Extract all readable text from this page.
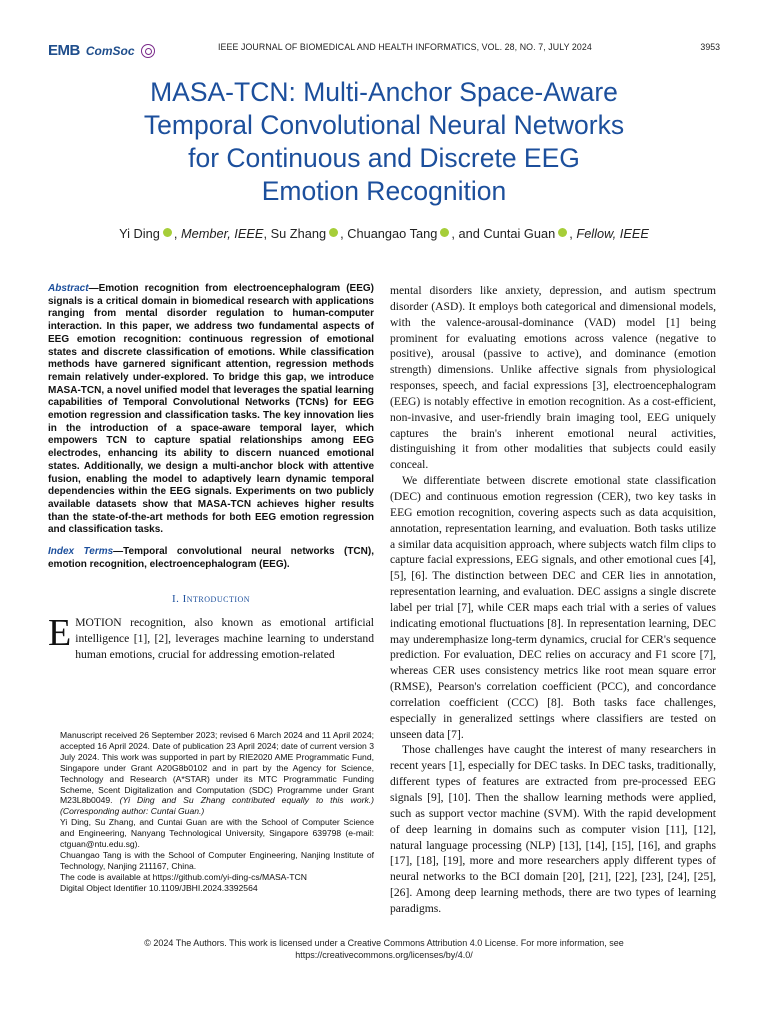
EMB ComSoc	IEEE JOURNAL OF BIOMEDICAL AND HEALTH INFORMATICS, VOL. 28, NO. 7, JULY 2024	3953
MASA-TCN: Multi-Anchor Space-Aware
Temporal Convolutional Neural Networks
for Continuous and Discrete EEG
Emotion Recognition
Yi Ding , Member, IEEE, Su Zhang , Chuangao Tang , and Cuntai Guan , Fellow, IEEE

Abstract—Emotion recognition from electroencephalogram (EEG) signals is a critical domain in biomedical research with applications ranging from mental disorder regulation to human-computer interaction. In this paper, we address two fundamental aspects of EEG emotion recognition: continuous regression of emotional states and discrete classification of emotions. While classification methods have garnered significant attention, regression methods remain relatively under-explored. To bridge this gap, we introduce MASA-TCN, a novel unified model that leverages the spatial learning capabilities of Temporal Convolutional Networks (TCNs) for EEG emotion regression and classification tasks. The key innovation lies in the introduction of a space-aware temporal layer, which empowers TCN to capture spatial relationships among EEG electrodes, enhancing its ability to discern nuanced emotional states. Additionally, we design a multi-anchor block with attentive fusion, enabling the model to adaptively learn dynamic temporal dependencies within the EEG signals. Experiments on two publicly available datasets show that MASA-TCN achieves higher results than the state-of-the-art methods for both EEG emotion regression and classification tasks.

Index Terms—Temporal convolutional neural networks (TCN), emotion recognition, electroencephalogram (EEG).

I. Introduction

EMOTION recognition, also known as emotional artificial intelligence [1], [2], leverages machine learning to understand human emotions, crucial for addressing emotion-related

Manuscript received 26 September 2023; revised 6 March 2024 and 11 April 2024; accepted 16 April 2024. Date of publication 23 April 2024; date of current version 3 July 2024. This work was supported in part by RIE2020 AME Programmatic Fund, Singapore under Grant A20G8b0102 and in part by the Agency for Science, Technology and Research (A*STAR) under its MTC Programmatic Funding Scheme, Scent Digitalization and Computation (SDC) Programme under Grant M23L8b0049. (Yi Ding and Su Zhang contributed equally to this work.) (Corresponding author: Cuntai Guan.)

Yi Ding, Su Zhang, and Cuntai Guan are with the School of Computer Science and Engineering, Nanyang Technological University, Singapore 639798 (e-mail: ctguan@ntu.edu.sg).

Chuangao Tang is with the School of Computer Engineering, Nanjing Institute of Technology, Nanjing 211167, China.

The code is available at https://github.com/yi-ding-cs/MASA-TCN

Digital Object Identifier 10.1109/JBHI.2024.3392564

mental disorders like anxiety, depression, and autism spectrum disorder (ASD). It employs both categorical and dimensional models, with the valence-arousal-dominance (VAD) model [1] being prominent for evaluating emotions across valence (negative to positive), arousal (passive to active), and dominance (emotion strength) dimensions. Unlike affective signals from physiological responses, speech, and facial expressions [3], electroencephalogram (EEG) is notably effective in emotion recognition. As a cost-efficient, non-invasive, and user-friendly brain imaging tool, EEG uniquely captures the brain's inherent emotional neural activities, distinguishing it from other modalities that subjects could easily conceal.

We differentiate between discrete emotional state classification (DEC) and continuous emotion regression (CER), two key tasks in EEG emotion recognition, covering aspects such as data acquisition, annotation, representation learning, and evaluation. Both tasks utilize a similar data acquisition approach, where subjects watch film clips to capture facial expressions, EEG signals, and other emotional cues [4], [5], [6]. The distinction between DEC and CER lies in annotation, representation learning, and evaluation. DEC assigns a single discrete label per trial [7], while CER maps each trial with a series of values indicating emotional fluctuations [8]. In representation learning, DEC may underemphasize long-term dynamics, crucial for CER's sequence prediction. For evaluation, DEC relies on accuracy and F1 score [7], whereas CER uses consistency metrics like root mean square error (RMSE), Pearson's correlation coefficient (PCC), and concordance correlation coefficient (CCC) [8]. Both tasks face challenges, especially in generalized settings where classifiers are tested on unseen data [7].

Those challenges have caught the interest of many researchers in recent years [1], especially for DEC tasks. In DEC tasks, traditionally, different types of features are extracted from pre-processed EEG signals [9], [10]. Then the shallow learning methods were applied, such as support vector machine (SVM). With the rapid development of deep learning in domains such as computer vision [11], [12], natural language processing (NLP) [13], [14], [15], [16], and graphs [17], [18], [19], more and more researchers apply different types of neural networks to the BCI domain [20], [21], [22], [23], [24], [25], [26]. Among deep learning methods, there are two types of learning paradigms.

© 2024 The Authors. This work is licensed under a Creative Commons Attribution 4.0 License. For more information, see
https://creativecommons.org/licenses/by/4.0/
